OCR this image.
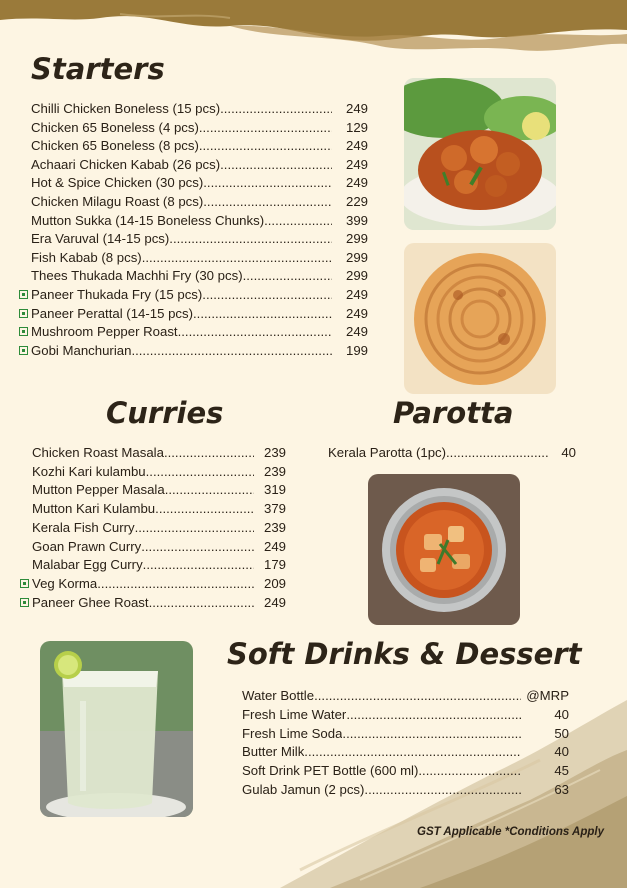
Starters
Chilli Chicken Boneless (15 pcs) .....	249
Chicken 65 Boneless (4 pcs) .....	129
Chicken 65 Boneless (8 pcs) .....	249
Achaari Chicken Kabab (26 pcs) .....	249
Hot & Spice Chicken (30 pcs) .....	249
Chicken Milagu Roast (8 pcs) .....	229
Mutton Sukka (14-15 Boneless Chunks) .....	399
Era Varuval (14-15 pcs) .....	299
Fish Kabab (8 pcs) .....	299
Thees Thukada Machhi Fry (30 pcs) .....	299
Paneer Thukada Fry (15 pcs) .....	249
Paneer Perattal (14-15 pcs) .....	249
Mushroom Pepper Roast .....	249
Gobi Manchurian .....	199
Curries
Chicken Roast Masala .....	239
Kozhi Kari kulambu .....	239
Mutton Pepper Masala .....	319
Mutton Kari Kulambu .....	379
Kerala Fish Curry .....	239
Goan Prawn Curry .....	249
Malabar Egg Curry .....	179
Veg Korma .....	209
Paneer Ghee Roast .....	249
Parotta
Kerala Parotta (1pc) .....	40
Soft Drinks & Dessert
Water Bottle .....	@MRP
Fresh Lime Water .....	40
Fresh Lime Soda .....	50
Butter Milk .....	40
Soft Drink PET Bottle (600 ml) .....	45
Gulab Jamun (2 pcs) .....	63
GST Applicable *Conditions Apply
